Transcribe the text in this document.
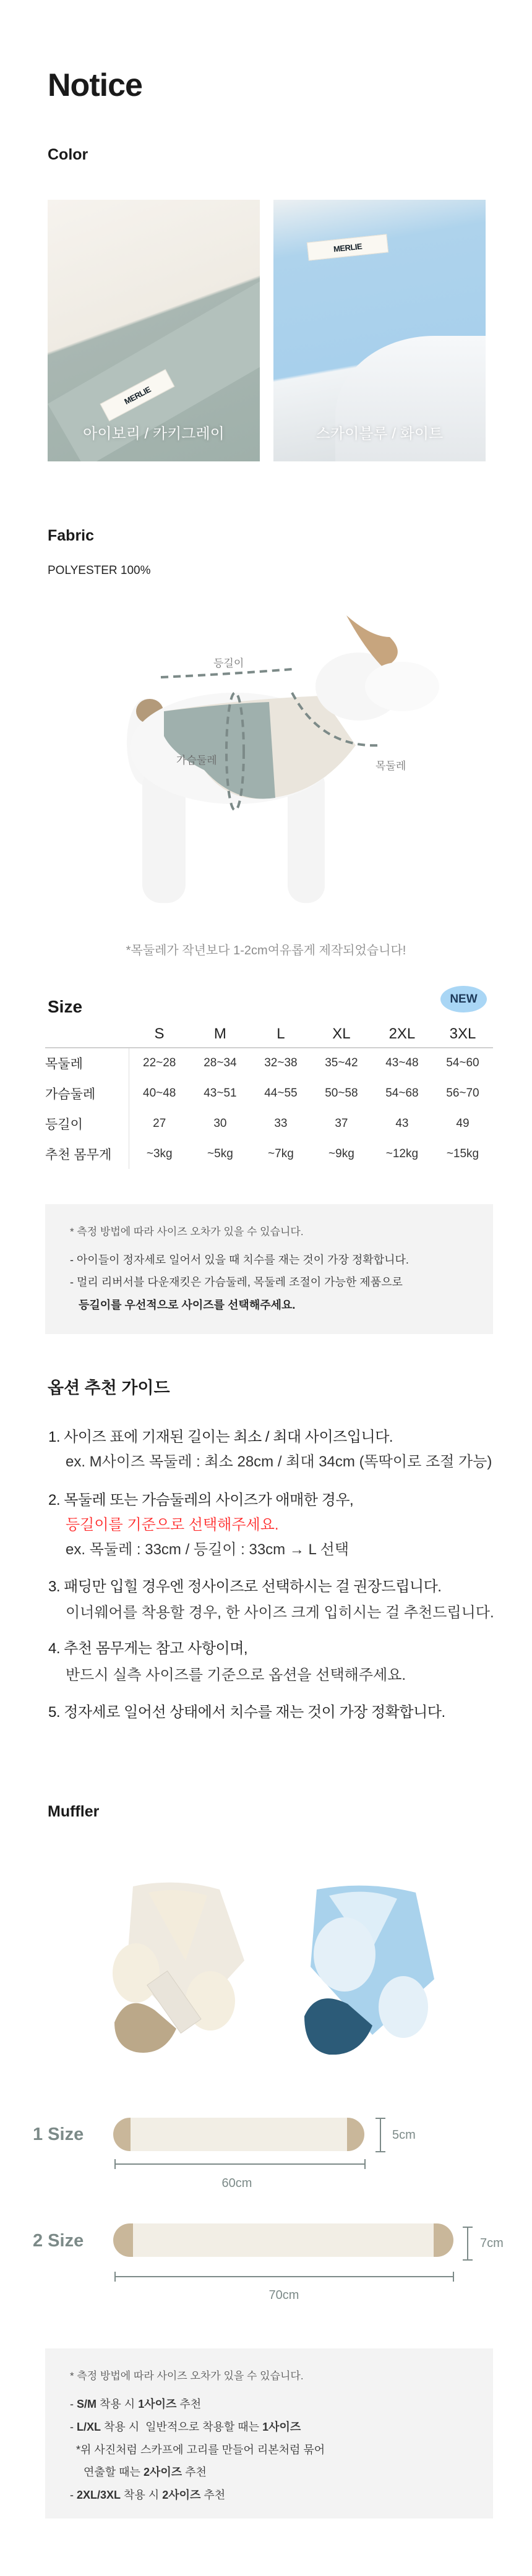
Notice
Color
MERLIE
아이보리 / 카키그레이
MERLIE
스카이블루 / 화이트
Fabric
POLYESTER 100%
등길이
가슴둘레	목둘레
*목둘레가 작년보다 1-2cm여유롭게 제작되었습니다!
Size	NEW
	S	M	L	XL	2XL	3XL
목둘레	22~28	28~34	32~38	35~42	43~48	54~60
가슴둘레	40~48	43~51	44~55	50~58	54~68	56~70
등길이	27	30	33	37	43	49
추천 몸무게	~3kg	~5kg	~7kg	~9kg	~12kg	~15kg
* 측정 방법에 따라 사이즈 오차가 있을 수 있습니다.
- 아이들이 정자세로 일어서 있을 때 치수를 재는 것이 가장 정확합니다.
- 멀리 리버서블 다운재킷은 가슴둘레, 목둘레 조절이 가능한 제품으로
등길이를 우선적으로 사이즈를 선택해주세요.
옵션 추천 가이드
1. 사이즈 표에 기재된 길이는 최소 / 최대 사이즈입니다.
ex. M사이즈 목둘레 : 최소 28cm / 최대 34cm (똑딱이로 조절 가능)
2. 목둘레 또는 가슴둘레의 사이즈가 애매한 경우,
등길이를 기준으로 선택해주세요.
ex. 목둘레 : 33cm / 등길이 : 33cm → L 선택
3. 패딩만 입힐 경우엔 정사이즈로 선택하시는 걸 권장드립니다.
이너웨어를 착용할 경우, 한 사이즈 크게 입히시는 걸 추천드립니다.
4. 추천 몸무게는 참고 사항이며,
반드시 실측 사이즈를 기준으로 옵션을 선택해주세요.
5. 정자세로 일어선 상태에서 치수를 재는 것이 가장 정확합니다.
Muffler
1 Size	5cm
60cm
2 Size	7cm
70cm
* 측정 방법에 따라 사이즈 오차가 있을 수 있습니다.
- S/M 착용 시 1사이즈 추천
- L/XL 착용 시  일반적으로 착용할 때는 1사이즈
*위 사진처럼 스카프에 고리를 만들어 리본처럼 묶어
연출할 때는 2사이즈 추천
- 2XL/3XL 착용 시 2사이즈 추천
